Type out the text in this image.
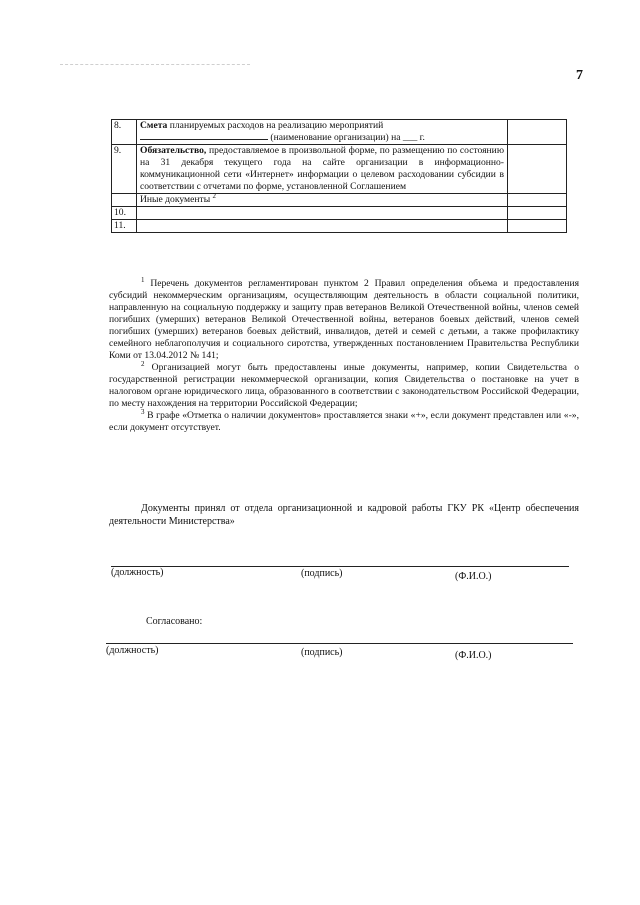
7
8.	Смета планируемых расходов на реализацию мероприятий
(наименование организации) на ___ г.	
9.	Обязательство, предоставляемое в произвольной форме, по размещению по состоянию на 31 декабря текущего года на сайте организации в информационно-коммуникационной сети «Интернет» информации о целевом расходовании субсидии в соответствии с отчетами по форме, установленной Соглашением	
	Иные документы $^2$	
10.		
11.		

$^1$ Перечень документов регламентирован пунктом 2 Правил определения объема и предоставления субсидий некоммерческим организациям, осуществляющим деятельность в области социальной политики, направленную на социальную поддержку и защиту прав ветеранов Великой Отечественной войны, членов семей погибших (умерших) ветеранов Великой Отечественной войны, ветеранов боевых действий, членов семей погибших (умерших) ветеранов боевых действий, инвалидов, детей и семей с детьми, а также профилактику семейного неблагополучия и социального сиротства, утвержденных постановлением Правительства Республики Коми от 13.04.2012 № 141;

$^2$ Организацией могут быть предоставлены иные документы, например, копии Свидетельства о государственной регистрации некоммерческой организации, копия Свидетельства о постановке на учет в налоговом органе юридического лица, образованного в соответствии с законодательством Российской Федерации, по месту нахождения на территории Российской Федерации;

$^3$ В графе «Отметка о наличии документов» проставляется знаки «+», если документ представлен или «-», если документ отсутствует.

Документы принял от отдела организационной и кадровой работы ГКУ РК «Центр обеспечения деятельности Министерства»
(должность)	(подпись)	(Ф.И.О.)
Согласовано:
(должность)	(подпись)	(Ф.И.О.)
